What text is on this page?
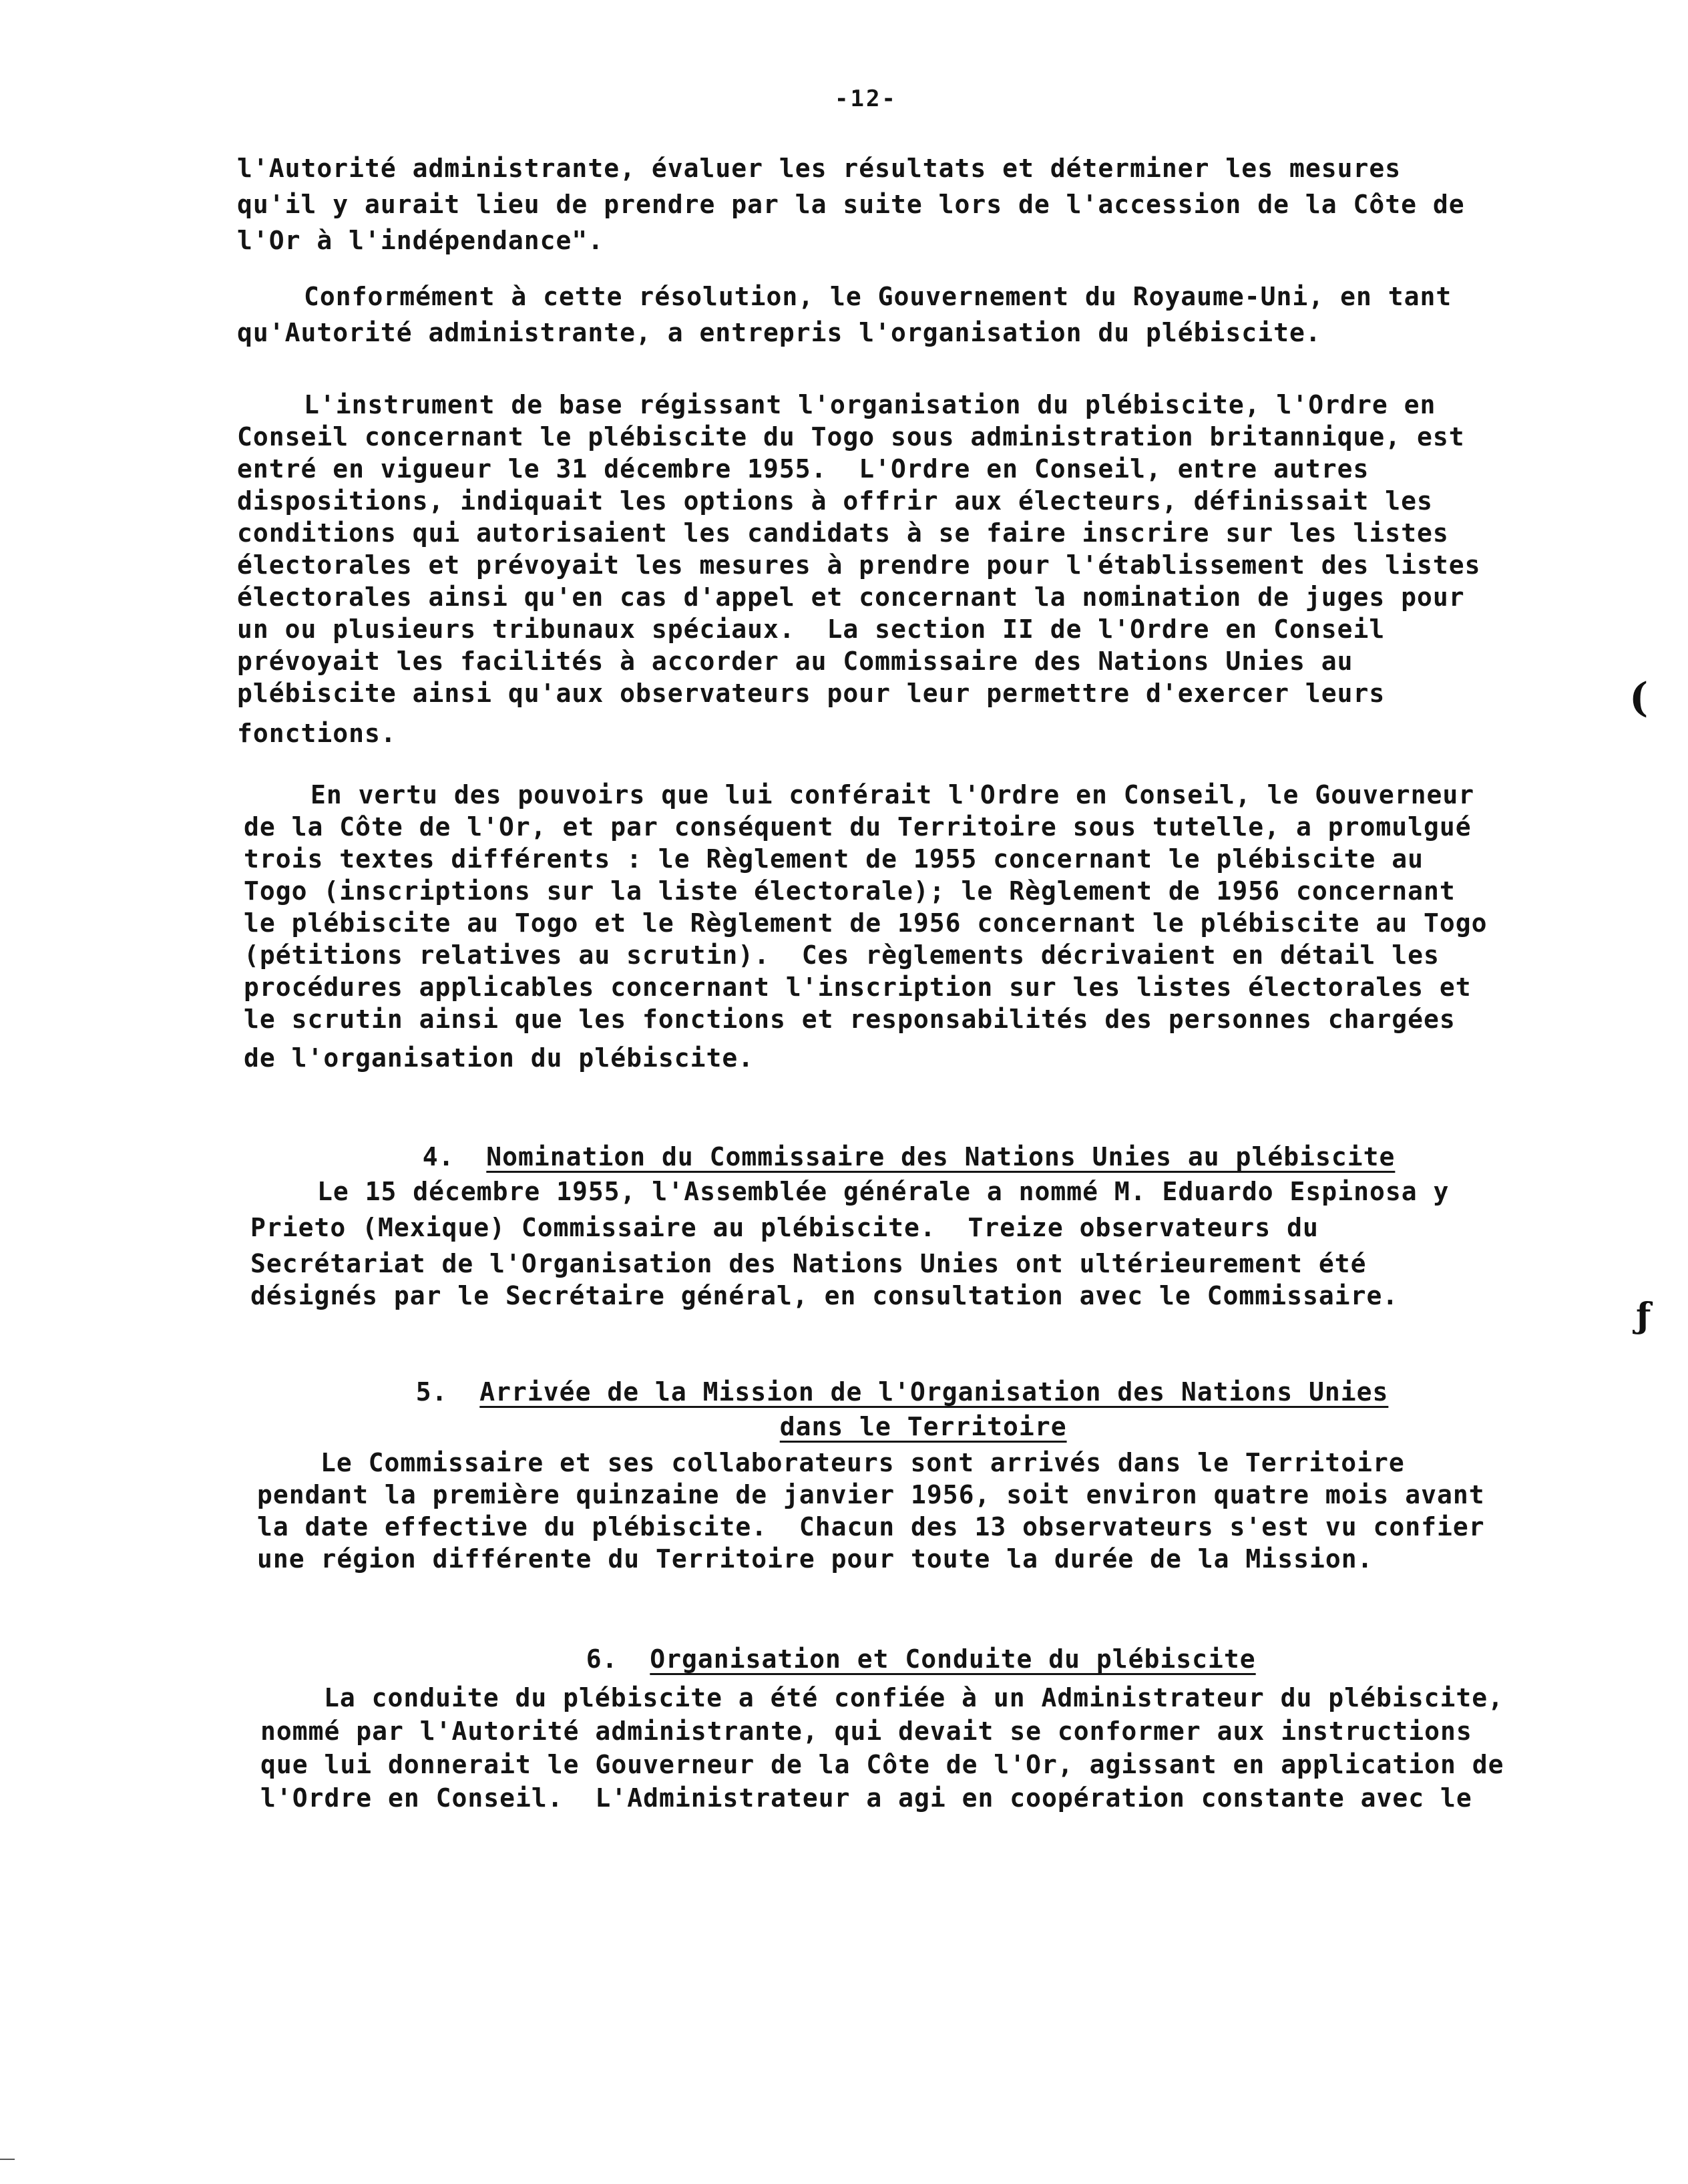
-12-
l'Autorité administrante, évaluer les résultats et déterminer les mesures
qu'il y aurait lieu de prendre par la suite lors de l'accession de la Côte de
l'Or à l'indépendance".
Conformément à cette résolution, le Gouvernement du Royaume-Uni, en tant
qu'Autorité administrante, a entrepris l'organisation du plébiscite.
L'instrument de base régissant l'organisation du plébiscite, l'Ordre en
Conseil concernant le plébiscite du Togo sous administration britannique, est
entré en vigueur le 31 décembre 1955.  L'Ordre en Conseil, entre autres
dispositions, indiquait les options à offrir aux électeurs, définissait les
conditions qui autorisaient les candidats à se faire inscrire sur les listes
électorales et prévoyait les mesures à prendre pour l'établissement des listes
électorales ainsi qu'en cas d'appel et concernant la nomination de juges pour
un ou plusieurs tribunaux spéciaux.  La section II de l'Ordre en Conseil
prévoyait les facilités à accorder au Commissaire des Nations Unies au
plébiscite ainsi qu'aux observateurs pour leur permettre d'exercer leurs
fonctions.
En vertu des pouvoirs que lui conférait l'Ordre en Conseil, le Gouverneur
de la Côte de l'Or, et par conséquent du Territoire sous tutelle, a promulgué
trois textes différents : le Règlement de 1955 concernant le plébiscite au
Togo (inscriptions sur la liste électorale); le Règlement de 1956 concernant
le plébiscite au Togo et le Règlement de 1956 concernant le plébiscite au Togo
(pétitions relatives au scrutin).  Ces règlements décrivaient en détail les
procédures applicables concernant l'inscription sur les listes électorales et
le scrutin ainsi que les fonctions et responsabilités des personnes chargées
de l'organisation du plébiscite.

4. Nomination du Commissaire des Nations Unies au plébiscite

Le 15 décembre 1955, l'Assemblée générale a nommé M. Eduardo Espinosa y
Prieto (Mexique) Commissaire au plébiscite.  Treize observateurs du
Secrétariat de l'Organisation des Nations Unies ont ultérieurement été
désignés par le Secrétaire général, en consultation avec le Commissaire.

5. Arrivée de la Mission de l'Organisation des Nations Unies

dans le Territoire

Le Commissaire et ses collaborateurs sont arrivés dans le Territoire
pendant la première quinzaine de janvier 1956, soit environ quatre mois avant
la date effective du plébiscite.  Chacun des 13 observateurs s'est vu confier
une région différente du Territoire pour toute la durée de la Mission.

6. Organisation et Conduite du plébiscite

La conduite du plébiscite a été confiée à un Administrateur du plébiscite,
nommé par l'Autorité administrante, qui devait se conformer aux instructions
que lui donnerait le Gouverneur de la Côte de l'Or, agissant en application de
l'Ordre en Conseil.  L'Administrateur a agi en coopération constante avec le
(
ƒ
